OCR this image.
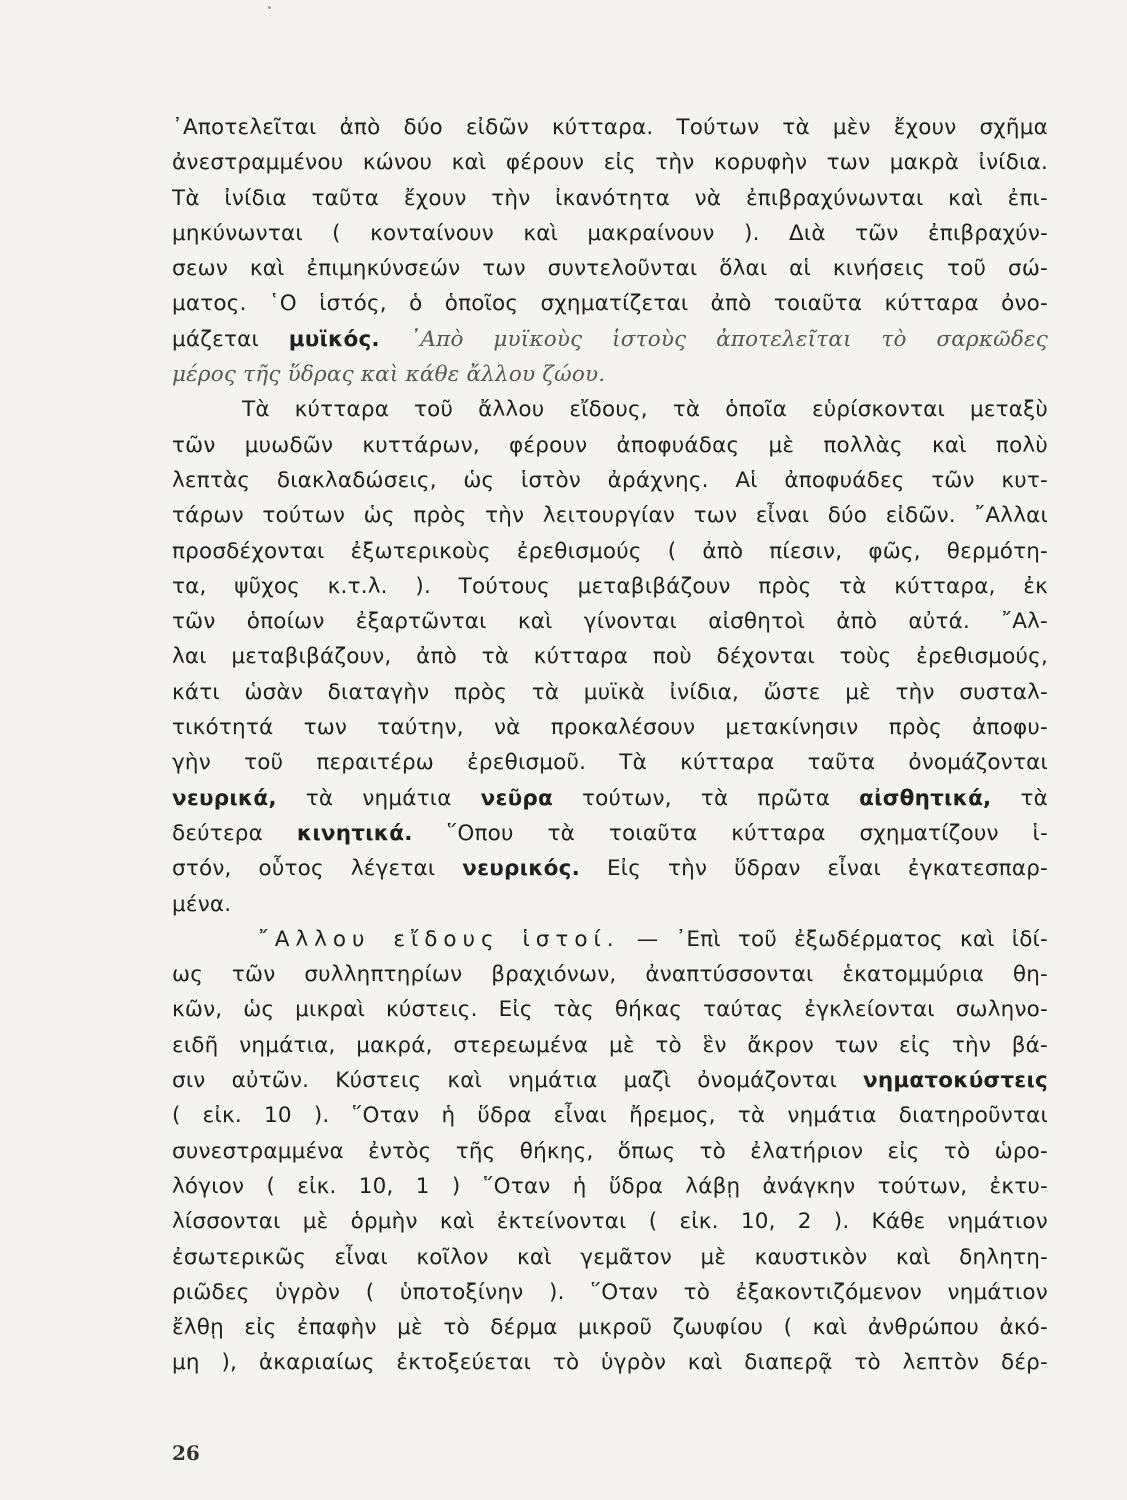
᾿Αποτελεῖται ἀπὸ δύο εἰδῶν κύτταρα. Τούτων τὰ μὲν ἔχουν σχῆμα
ἀνεστραμμένου κώνου καὶ φέρουν εἰς τὴν κορυφὴν των μακρὰ ἰνίδια.
Τὰ ἰνίδια ταῦτα ἔχουν τὴν ἰκανότητα νὰ ἐπιβραχύνωνται καὶ ἐπι-
μηκύνωνται ( κονταίνουν καὶ μακραίνουν ). Διὰ τῶν ἐπιβραχύν-
σεων καὶ ἐπιμηκύνσεών των συντελοῦνται ὅλαι αἱ κινήσεις τοῦ σώ-
ματος. ῾Ο ἱστός, ὁ ὁποῖος σχηματίζεται ἀπὸ τοιαῦτα κύτταρα ὀνο-
μάζεται μυϊκός. ᾿Απὸ μυϊκοὺς ἱστοὺς ἀποτελεῖται τὸ σαρκῶδες
μέρος τῆς ὕδρας καὶ κάθε ἄλλου ζώου.
Τὰ κύτταρα τοῦ ἄλλου εἴδους, τὰ ὁποῖα εὑρίσκονται μεταξὺ
τῶν μυωδῶν κυττάρων, φέρουν ἀποφυάδας μὲ πολλὰς καὶ πολὺ
λεπτὰς διακλαδώσεις, ὡς ἱστὸν ἀράχνης. Αἱ ἀποφυάδες τῶν κυτ-
τάρων τούτων ὡς πρὸς τὴν λειτουργίαν των εἶναι δύο εἰδῶν. ῎Αλλαι
προσδέχονται ἐξωτερικοὺς ἐρεθισμούς ( ἀπὸ πίεσιν, φῶς, θερμότη-
τα, ψῦχος κ.τ.λ. ). Τούτους μεταβιβάζουν πρὸς τὰ κύτταρα, ἐκ
τῶν ὁποίων ἐξαρτῶνται καὶ γίνονται αἰσθητοὶ ἀπὸ αὐτά. ῎Αλ-
λαι μεταβιβάζουν, ἀπὸ τὰ κύτταρα ποὺ δέχονται τοὺς ἐρεθισμούς,
κάτι ὡσὰν διαταγὴν πρὸς τὰ μυϊκὰ ἰνίδια, ὥστε μὲ τὴν συσταλ-
τικότητά των ταύτην, νὰ προκαλέσουν μετακίνησιν πρὸς ἀποφυ-
γὴν τοῦ περαιτέρω ἐρεθισμοῦ. Τὰ κύτταρα ταῦτα ὀνομάζονται
νευρικά, τὰ νημάτια νεῦρα τούτων, τὰ πρῶτα αἰσθητικά, τὰ
δεύτερα κινητικά. ῞Οπου τὰ τοιαῦτα κύτταρα σχηματίζουν ἱ-
στόν, οὗτος λέγεται νευρικός. Εἰς τὴν ὕδραν εἶναι ἐγκατεσπαρ-
μένα.
῎Αλλου εἴδους ἱστοί. — ᾿Επὶ τοῦ ἐξωδέρματος καὶ ἰδί-
ως τῶν συλληπτηρίων βραχιόνων, ἀναπτύσσονται ἑκατομμύρια θη-
κῶν, ὡς μικραὶ κύστεις. Εἰς τὰς θήκας ταύτας ἐγκλείονται σωληνο-
ειδῆ νημάτια, μακρά, στερεωμένα μὲ τὸ ἓν ἄκρον των εἰς τὴν βά-
σιν αὐτῶν. Κύστεις καὶ νημάτια μαζὶ ὀνομάζονται νηματοκύστεις
( εἰκ. 10 ). ῞Οταν ἡ ὕδρα εἶναι ἤρεμος, τὰ νημάτια διατηροῦνται
συνεστραμμένα ἐντὸς τῆς θήκης, ὅπως τὸ ἐλατήριον εἰς τὸ ὡρο-
λόγιον ( εἰκ. 10, 1 ) ῞Οταν ἡ ὕδρα λάβῃ ἀνάγκην τούτων, ἐκτυ-
λίσσονται μὲ ὁρμὴν καὶ ἐκτείνονται ( εἰκ. 10, 2 ). Κάθε νημάτιον
ἐσωτερικῶς εἶναι κοῖλον καὶ γεμᾶτον μὲ καυστικὸν καὶ δηλητη-
ριῶδες ὑγρὸν ( ὑποτοξίνην ). ῞Οταν τὸ ἐξακοντιζόμενον νημάτιον
ἔλθῃ εἰς ἐπαφὴν μὲ τὸ δέρμα μικροῦ ζωυφίου ( καὶ ἀνθρώπου ἀκό-
μη ), ἀκαριαίως ἐκτοξεύεται τὸ ὑγρὸν καὶ διαπερᾷ τὸ λεπτὸν δέρ-
26
